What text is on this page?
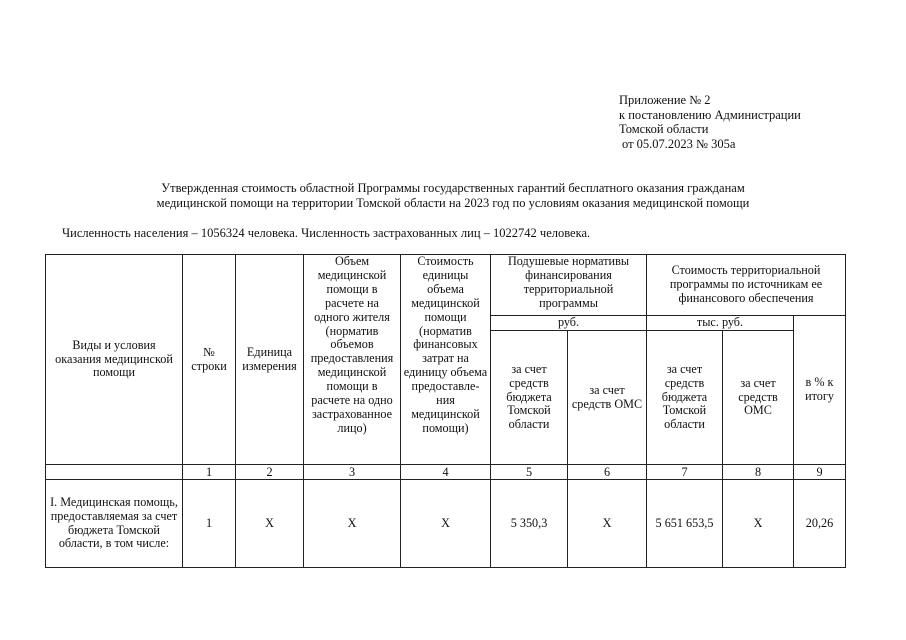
Приложение № 2
к постановлению Администрации
Томской области
от 05.07.2023 № 305а
Утвержденная стоимость областной Программы государственных гарантий бесплатного оказания гражданам
медицинской помощи на территории Томской области на 2023 год по условиям оказания медицинской помощи
Численность населения – 1056324 человека. Численность застрахованных лиц – 1022742 человека.
Виды и условия оказания медицинской помощи	№ строки	Единица измерения	Объем медицинской помощи в расчете на одного жителя (норматив объемов предоставления медицинской помощи в расчете на одно застрахованное лицо)	Стоимость единицы объема медицинской помощи (норматив финансовых затрат на единицу объема предоставле- ния медицинской помощи)	Подушевые нормативы финансирования территориальной программы		Стоимость территориальной программы по источникам ее финансового обеспечения		
					руб.		тыс. руб.		в % к итогу
					за счет средств бюджета Томской области	за счет средств ОМС	за счет средств бюджета Томской области	за счет средств ОМС	
	1	2	3	4	5	6	7	8	9
I. Медицинская помощь, предоставляемая за счет бюджета Томской области, в том числе:	1	X	X	X	5 350,3	X	5 651 653,5	X	20,26
